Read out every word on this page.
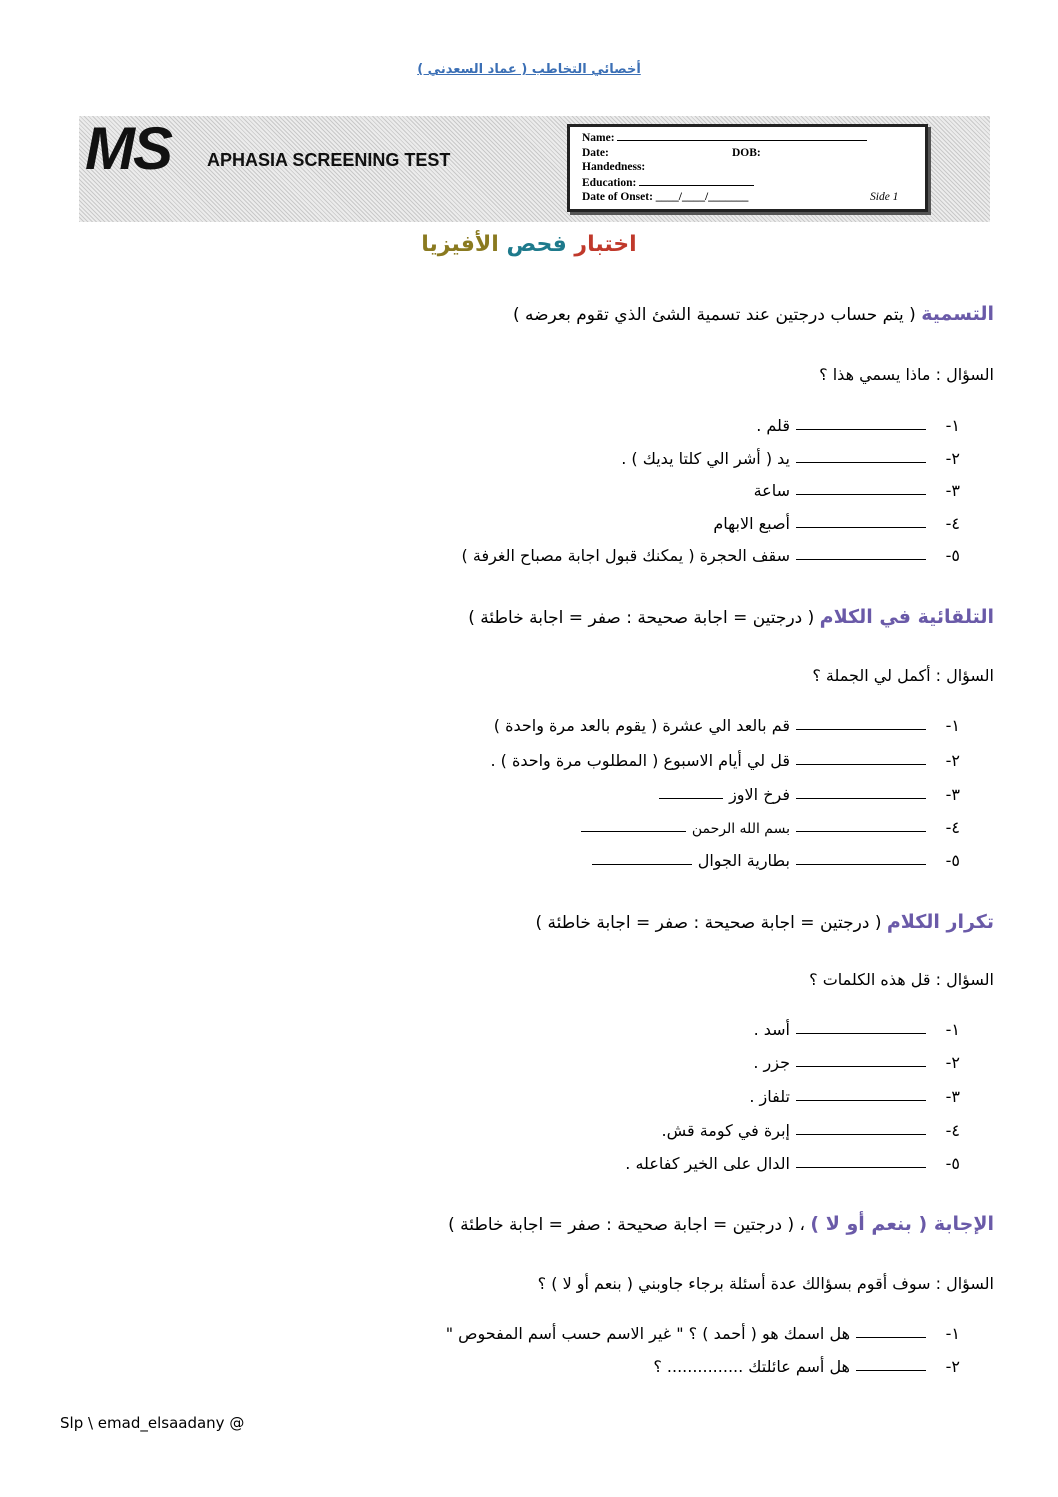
أخصائي التخاطب ( عماد السعدني )
MS APHASIA SCREENING TEST
Name:
Date:	DOB:
Handedness:
Education:
Date of Onset: ____/____/_______	Side 1
اختبار فحص الأفيزيا
التسمية ( يتم حساب درجتين عند تسمية الشئ الذي تقوم بعرضه )
السؤال : ماذا يسمي هذا ؟
١-قلم .
٢-يد ( أشر الي كلتا يديك ) .
٣-ساعة
٤-أصبع الابهام
٥-سقف الحجرة ( يمكنك قبول اجابة مصباح الغرفة )
التلقائية في الكلام ( درجتين = اجابة صحيحة : صفر = اجابة خاطئة )
السؤال : أكمل لي الجملة ؟
١-قم بالعد الي عشرة ( يقوم بالعد مرة واحدة )
٢-قل لي أيام الاسبوع ( المطلوب مرة واحدة ) .
٣-فرخ الاوز
٤-بسم الله الرحمن
٥-بطارية الجوال
تكرار الكلام ( درجتين = اجابة صحيحة : صفر = اجابة خاطئة )
السؤال : قل هذه الكلمات ؟
١-أسد .
٢-جزر .
٣-تلفاز .
٤-إبرة في كومة قش.
٥-الدال على الخير كفاعله .
الإجابة ( بنعم أو لا ) ، ( درجتين = اجابة صحيحة : صفر = اجابة خاطئة )
السؤال : سوف أقوم بسؤالك عدة أسئلة برجاء جاوبني ( بنعم أو لا ) ؟
١-هل اسمك هو ( أحمد ) ؟ " غير الاسم حسب أسم المفحوص "
٢-هل أسم عائلتك ............... ؟
Slp \ emad_elsaadany @
